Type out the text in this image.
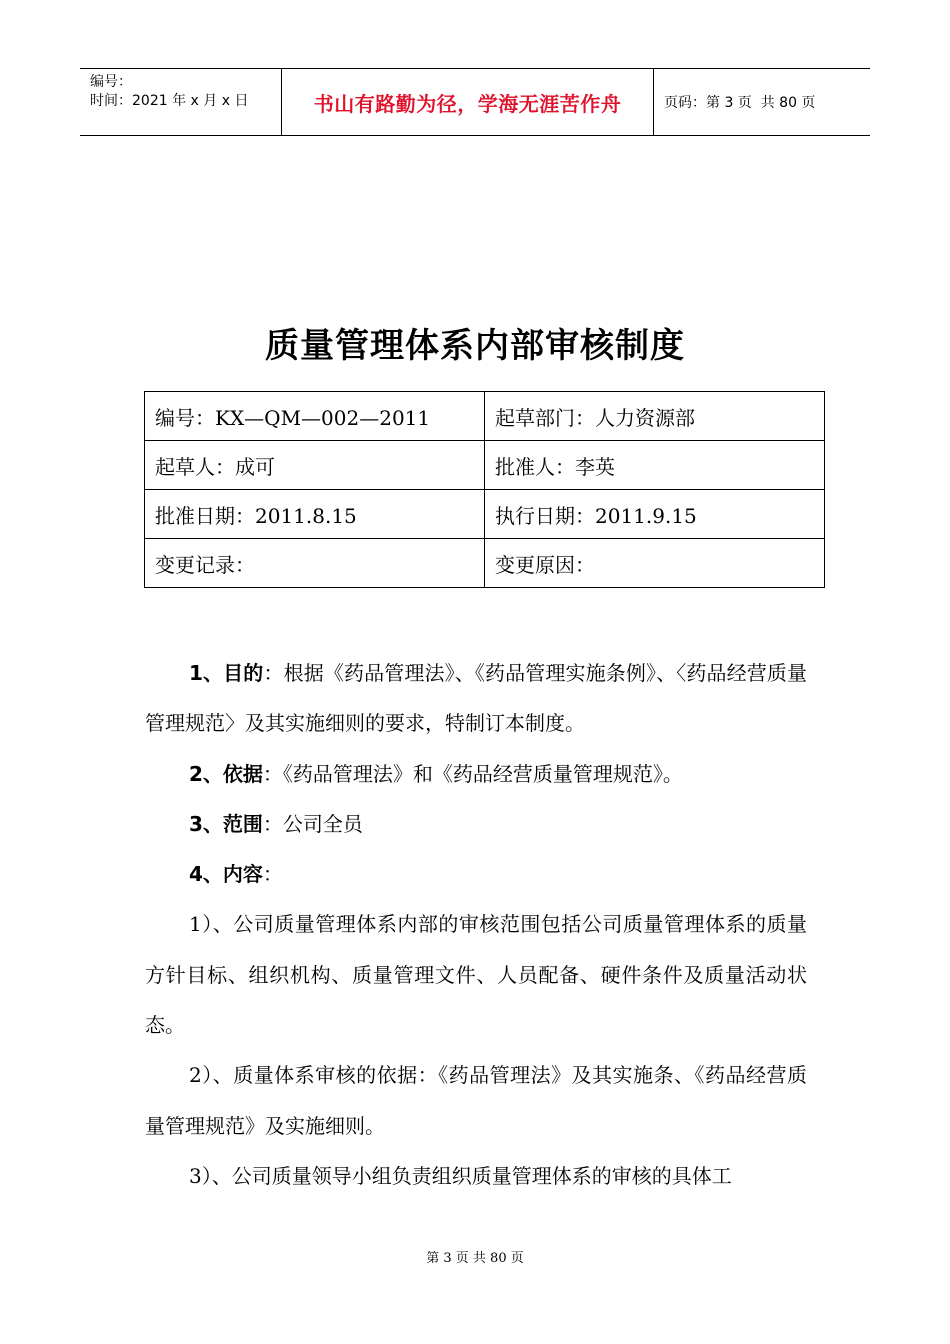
编号：
时间：2021 年 x 月 x 日	书山有路勤为径，学海无涯苦作舟	页码：第 3 页  共 80 页
质量管理体系内部审核制度
编号：KX—QM—002—2011	起草部门：人力资源部
起草人：成可	批准人：李英
批准日期：2011.8.15	执行日期：2011.9.15
变更记录：	变更原因：

1、目的：根据《药品管理法》、《药品管理实施条例》、〈药品经营质量管理规范〉及其实施细则的要求，特制订本制度。

2、依据：《药品管理法》和《药品经营质量管理规范》。

3、范围：公司全员

4、内容：

1）、公司质量管理体系内部的审核范围包括公司质量管理体系的质量方针目标、组织机构、质量管理文件、人员配备、硬件条件及质量活动状态。

2）、质量体系审核的依据：《药品管理法》及其实施条、《药品经营质量管理规范》及实施细则。

3）、公司质量领导小组负责组织质量管理体系的审核的具体工

第 3 页 共 80 页
